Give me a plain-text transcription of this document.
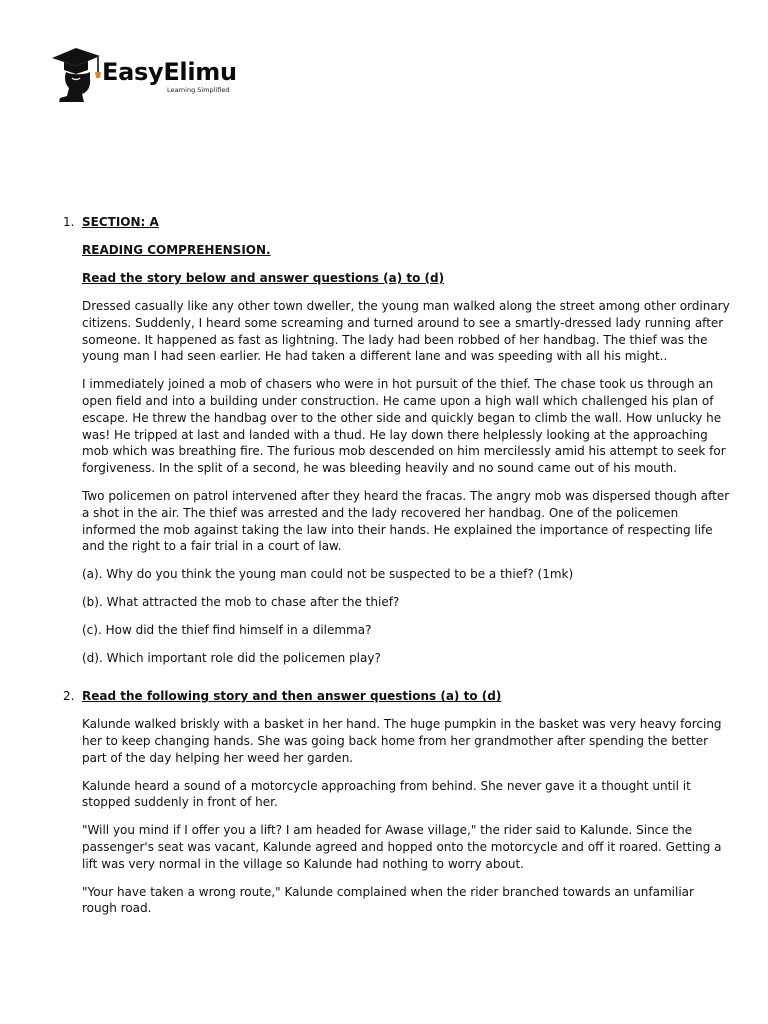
EasyElimu
Learning Simplified
1. SECTION: A
READING COMPREHENSION.
Read the story below and answer questions (a) to (d)

Dressed casually like any other town dweller, the young man walked along the street among other ordinary citizens. Suddenly, I heard some screaming and turned around to see a smartly-dressed lady running after someone. It happened as fast as lightning. The lady had been robbed of her handbag. The thief was the young man I had seen earlier. He had taken a different lane and was speeding with all his might..

I immediately joined a mob of chasers who were in hot pursuit of the thief. The chase took us through an open field and into a building under construction. He came upon a high wall which challenged his plan of escape. He threw the handbag over to the other side and quickly began to climb the wall. How unlucky he was! He tripped at last and landed with a thud. He lay down there helplessly looking at the approaching mob which was breathing fire. The furious mob descended on him mercilessly amid his attempt to seek for forgiveness. In the split of a second, he was bleeding heavily and no sound came out of his mouth.

Two policemen on patrol intervened after they heard the fracas. The angry mob was dispersed though after a shot in the air. The thief was arrested and the lady recovered her handbag. One of the policemen informed the mob against taking the law into their hands. He explained the importance of respecting life and the right to a fair trial in a court of law.

(a). Why do you think the young man could not be suspected to be a thief? (1mk)

(b). What attracted the mob to chase after the thief?

(c). How did the thief find himself in a dilemma?

(d). Which important role did the policemen play?

2. Read the following story and then answer questions (a) to (d)

Kalunde walked briskly with a basket in her hand. The huge pumpkin in the basket was very heavy forcing her to keep changing hands. She was going back home from her grandmother after spending the better part of the day helping her weed her garden.

Kalunde heard a sound of a motorcycle approaching from behind. She never gave it a thought until it stopped suddenly in front of her.

"Will you mind if I offer you a lift? I am headed for Awase village," the rider said to Kalunde. Since the passenger's seat was vacant, Kalunde agreed and hopped onto the motorcycle and off it roared. Getting a lift was very normal in the village so Kalunde had nothing to worry about.

"Your have taken a wrong route," Kalunde complained when the rider branched towards an unfamiliar rough road.
